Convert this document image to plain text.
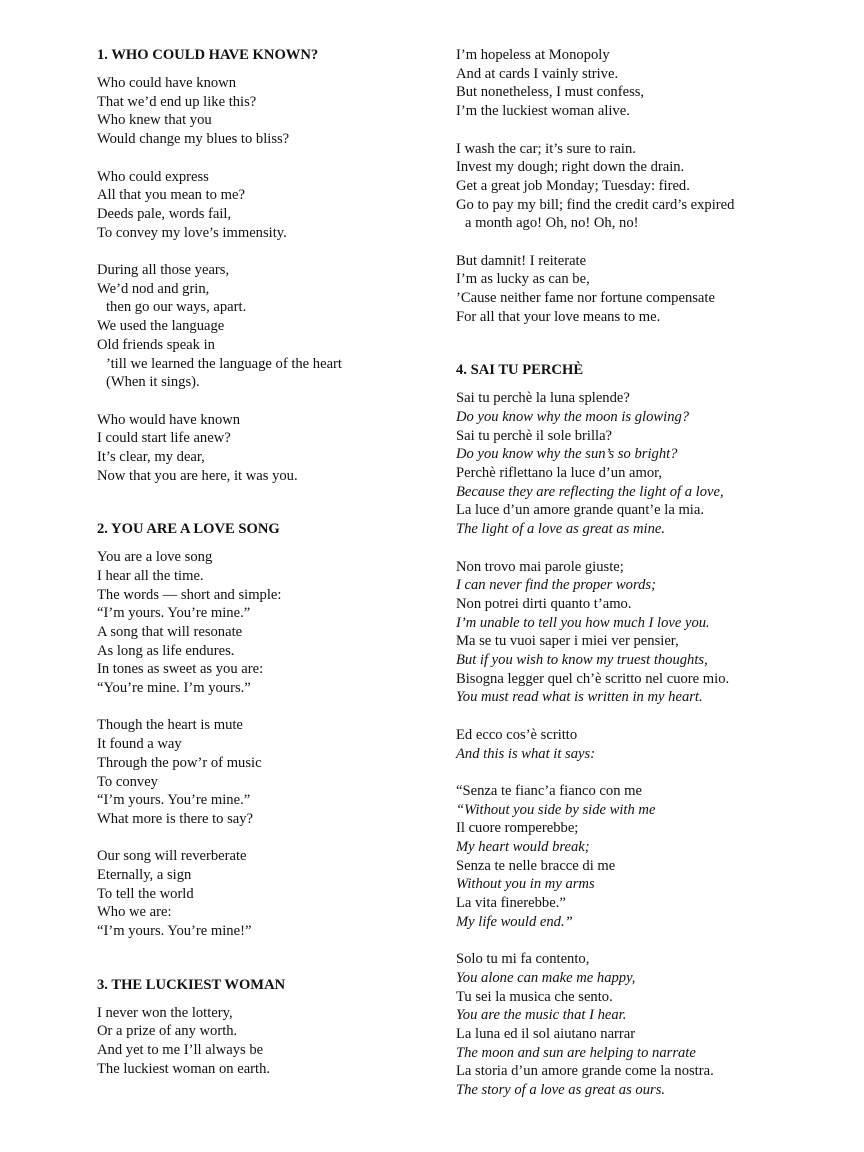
1. WHO COULD HAVE KNOWN?
Who could have known
That we’d end up like this?
Who knew that you
Would change my blues to bliss?
Who could express
All that you mean to me?
Deeds pale, words fail,
To convey my love’s immensity.
During all those years,
We’d nod and grin,
then go our ways, apart.
We used the language
Old friends speak in
’till we learned the language of the heart
(When it sings).
Who would have known
I could start life anew?
It’s clear, my dear,
Now that you are here, it was you.
2. YOU ARE A LOVE SONG
You are a love song
I hear all the time.
The words — short and simple:
“I’m yours. You’re mine.”
A song that will resonate
As long as life endures.
In tones as sweet as you are:
“You’re mine. I’m yours.”
Though the heart is mute
It found a way
Through the pow’r of music
To convey
“I’m yours. You’re mine.”
What more is there to say?
Our song will reverberate
Eternally, a sign
To tell the world
Who we are:
“I’m yours. You’re mine!”
3. THE LUCKIEST WOMAN
I never won the lottery,
Or a prize of any worth.
And yet to me I’ll always be
The luckiest woman on earth.
I’m hopeless at Monopoly
And at cards I vainly strive.
But nonetheless, I must confess,
I’m the luckiest woman alive.
I wash the car; it’s sure to rain.
Invest my dough; right down the drain.
Get a great job Monday; Tuesday: fired.
Go to pay my bill; find the credit card’s expired
a month ago! Oh, no! Oh, no!
But damnit! I reiterate
I’m as lucky as can be,
’Cause neither fame nor fortune compensate
For all that your love means to me.
4. SAI TU PERCHÈ
Sai tu perchè la luna splende?
Do you know why the moon is glowing?
Sai tu perchè il sole brilla?
Do you know why the sun’s so bright?
Perchè riflettano la luce d’un amor,
Because they are reflecting the light of a love,
La luce d’un amore grande quant’e la mia.
The light of a love as great as mine.
Non trovo mai parole giuste;
I can never find the proper words;
Non potrei dirti quanto t’amo.
I’m unable to tell you how much I love you.
Ma se tu vuoi saper i miei ver pensier,
But if you wish to know my truest thoughts,
Bisogna legger quel ch’è scritto nel cuore mio.
You must read what is written in my heart.
Ed ecco cos’è scritto
And this is what it says:
“Senza te fianc’a fianco con me
“Without you side by side with me
Il cuore romperebbe;
My heart would break;
Senza te nelle bracce di me
Without you in my arms
La vita finerebbe.”
My life would end.”
Solo tu mi fa contento,
You alone can make me happy,
Tu sei la musica che sento.
You are the music that I hear.
La luna ed il sol aiutano narrar
The moon and sun are helping to narrate
La storia d’un amore grande come la nostra.
The story of a love as great as ours.
